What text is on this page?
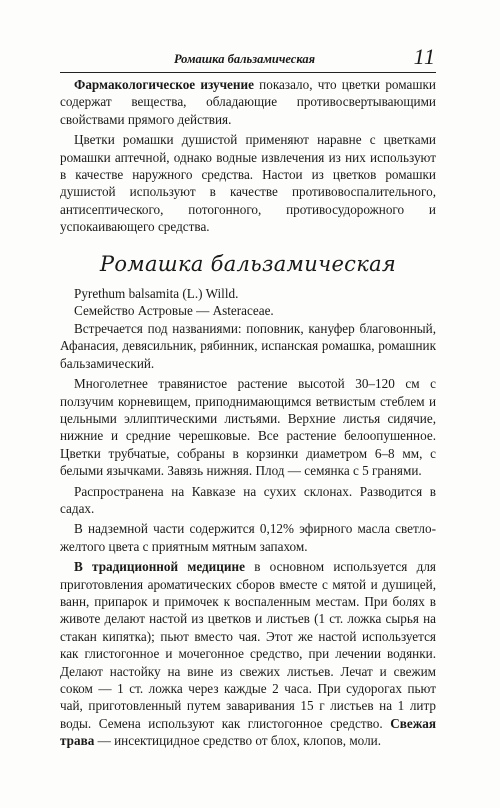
Ромашка бальзамическая	11

Фармакологическое изучение показало, что цветки ромашки содержат вещества, обладающие противосвертывающими свойствами прямого действия.

Цветки ромашки душистой применяют наравне с цветками ромашки аптечной, однако водные извлечения из них используют в качестве наружного средства. Настои из цветков ромашки душистой используют в качестве противовоспалительного, антисептического, потогонного, противосудорожного и успокаивающего средства.

Ромашка бальзамическая

Pyrethum balsamita (L.) Willd.

Семейство Астровые — Asteraceae.

Встречается под названиями: поповник, кануфер благовонный, Афанасия, девясильник, рябинник, испанская ромашка, ромашник бальзамический.

Многолетнее травянистое растение высотой 30–120 см с ползучим корневищем, приподнимающимся ветвистым стеблем и цельными эллиптическими листьями. Верхние листья сидячие, нижние и средние черешковые. Все растение белоопушенное. Цветки трубчатые, собраны в корзинки диаметром 6–8 мм, с белыми язычками. Завязь нижняя. Плод — семянка с 5 гранями.

Распространена на Кавказе на сухих склонах. Разводится в садах.

В надземной части содержится 0,12% эфирного масла светло-желтого цвета с приятным мятным запахом.

В традиционной медицине в основном используется для приготовления ароматических сборов вместе с мятой и душицей, ванн, припарок и примочек к воспаленным местам. При болях в животе делают настой из цветков и листьев (1 ст. ложка сырья на стакан кипятка); пьют вместо чая. Этот же настой используется как глистогонное и мочегонное средство, при лечении водянки. Делают настойку на вине из свежих листьев. Лечат и свежим соком — 1 ст. ложка через каждые 2 часа. При судорогах пьют чай, приготовленный путем заваривания 15 г листьев на 1 литр воды. Семена используют как глистогонное средство. Свежая трава — инсектицидное средство от блох, клопов, моли.
